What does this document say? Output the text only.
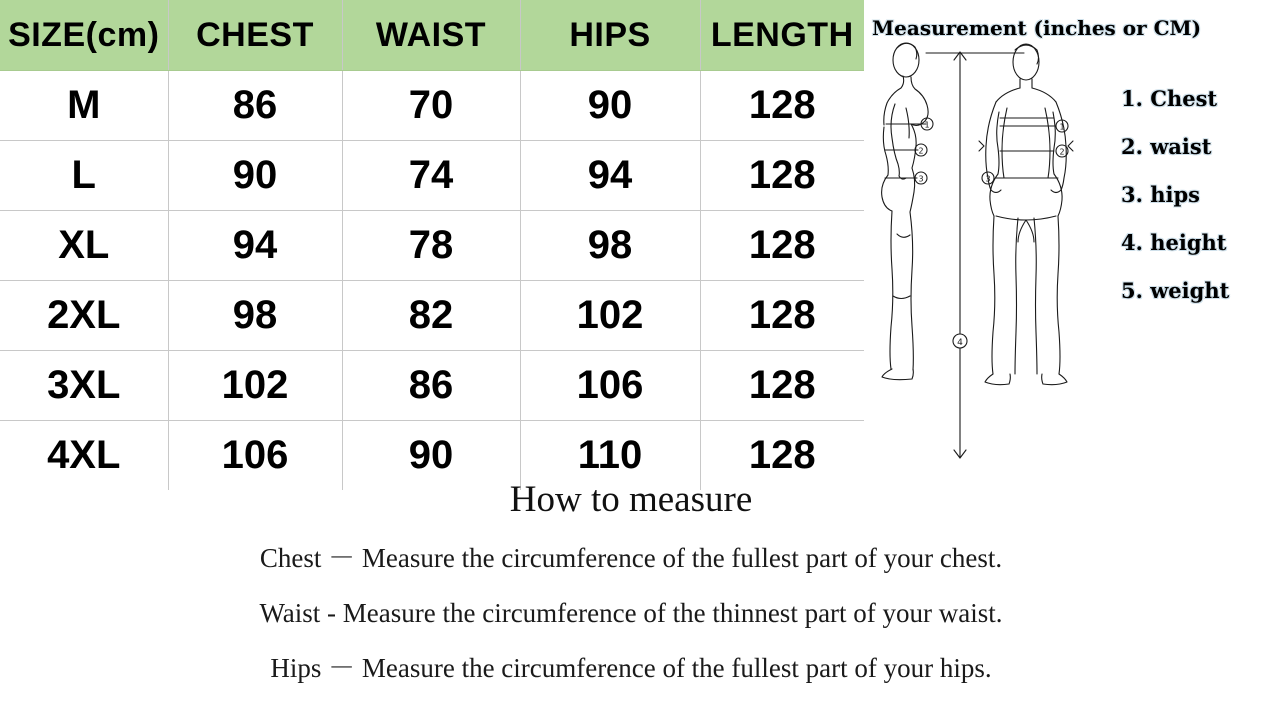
SIZE(cm)	CHEST	WAIST	HIPS	LENGTH
M	86	70	90	128
L	90	74	94	128
XL	94	78	98	128
2XL	98	82	102	128
3XL	102	86	106	128
4XL	106	90	110	128
Measurement (inches or CM)
1
2
3
4
1
2
3
1. Chest
2. waist
3. hips
4. height
5. weight
How to measure
Chest － Measure the circumference of the fullest part of your chest.
Waist - Measure the circumference of the thinnest part of your waist.
Hips － Measure the circumference of the fullest part of your hips.
